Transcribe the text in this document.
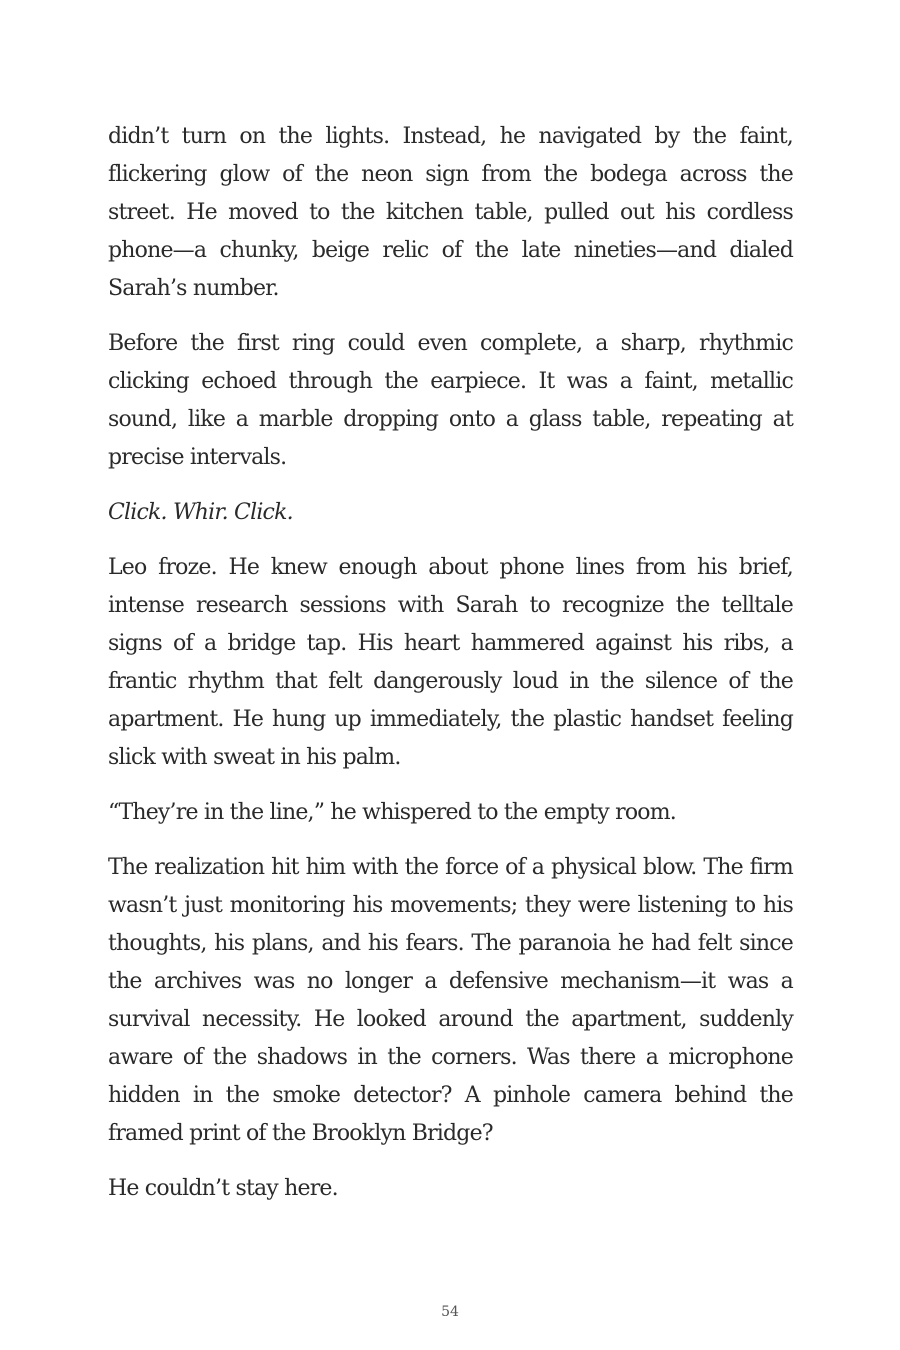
didn’t turn on the lights. Instead, he navigated by the faint, flickering glow of the neon sign from the bodega across the street. He moved to the kitchen table, pulled out his cordless phone—a chunky, beige relic of the late nineties—and dialed Sarah’s number.

Before the first ring could even complete, a sharp, rhythmic clicking echoed through the earpiece. It was a faint, metallic sound, like a marble dropping onto a glass table, repeating at precise intervals.

Click. Whir. Click.

Leo froze. He knew enough about phone lines from his brief, intense research sessions with Sarah to recognize the telltale signs of a bridge tap. His heart hammered against his ribs, a frantic rhythm that felt dangerously loud in the silence of the apartment. He hung up immediately, the plastic handset feeling slick with sweat in his palm.

“They’re in the line,” he whispered to the empty room.

The realization hit him with the force of a physical blow. The firm wasn’t just monitoring his movements; they were listening to his thoughts, his plans, and his fears. The paranoia he had felt since the archives was no longer a defensive mechanism—it was a survival necessity. He looked around the apartment, suddenly aware of the shadows in the corners. Was there a microphone hidden in the smoke detector? A pinhole camera behind the framed print of the Brooklyn Bridge?

He couldn’t stay here.

54
